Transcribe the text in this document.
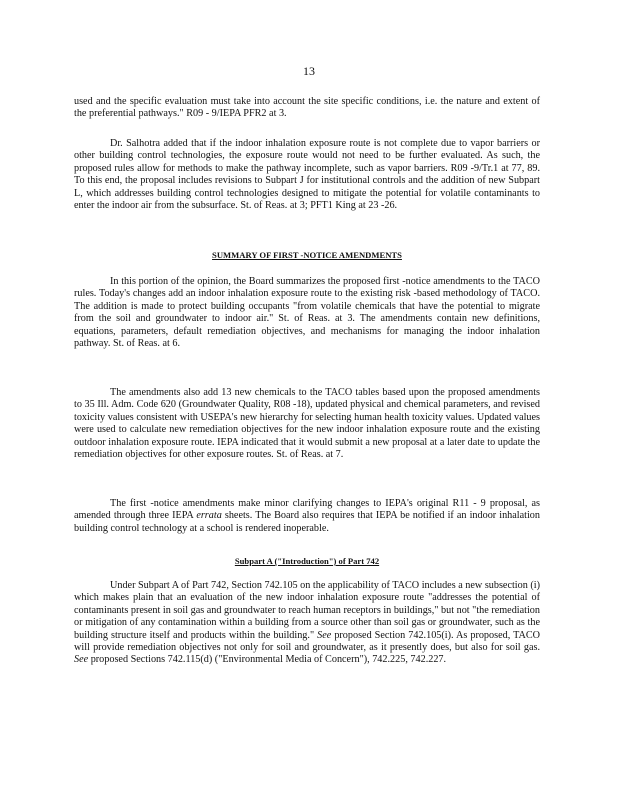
13
used and the specific evaluation must take into account the site specific conditions, i.e. the nature and extent of the preferential pathways." R09 - 9/IEPA PFR2 at 3.
Dr. Salhotra added that if the indoor inhalation exposure route is not complete due to vapor barriers or other building control technologies, the exposure route would not need to be further evaluated. As such, the proposed rules allow for methods to make the pathway incomplete, such as vapor barriers. R09 -9/Tr.1 at 77, 89. To this end, the proposal includes revisions to Subpart J for institutional controls and the addition of new Subpart L, which addresses building control technologies designed to mitigate the potential for volatile contaminants to enter the indoor air from the subsurface. St. of Reas. at 3; PFT1 King at 23 -26.
SUMMARY OF FIRST -NOTICE AMENDMENTS
In this portion of the opinion, the Board summarizes the proposed first -notice amendments to the TACO rules. Today's changes add an indoor inhalation exposure route to the existing risk -based methodology of TACO. The addition is made to protect building occupants "from volatile chemicals that have the potential to migrate from the soil and groundwater to indoor air." St. of Reas. at 3. The amendments contain new definitions, equations, parameters, default remediation objectives, and mechanisms for managing the indoor inhalation pathway. St. of Reas. at 6.
The amendments also add 13 new chemicals to the TACO tables based upon the proposed amendments to 35 Ill. Adm. Code 620 (Groundwater Quality, R08 -18), updated physical and chemical parameters, and revised toxicity values consistent with USEPA's new hierarchy for selecting human health toxicity values. Updated values were used to calculate new remediation objectives for the new indoor inhalation exposure route and the existing outdoor inhalation exposure route. IEPA indicated that it would submit a new proposal at a later date to update the remediation objectives for other exposure routes. St. of Reas. at 7.
The first -notice amendments make minor clarifying changes to IEPA's original R11 - 9 proposal, as amended through three IEPA errata sheets. The Board also requires that IEPA be notified if an indoor inhalation building control technology at a school is rendered inoperable.
Subpart A ("Introduction") of Part 742
Under Subpart A of Part 742, Section 742.105 on the applicability of TACO includes a new subsection (i) which makes plain that an evaluation of the new indoor inhalation exposure route "addresses the potential of contaminants present in soil gas and groundwater to reach human receptors in buildings," but not "the remediation or mitigation of any contamination within a building from a source other than soil gas or groundwater, such as the building structure itself and products within the building." See proposed Section 742.105(i). As proposed, TACO will provide remediation objectives not only for soil and groundwater, as it presently does, but also for soil gas. See proposed Sections 742.115(d) ("Environmental Media of Concern"), 742.225, 742.227.
